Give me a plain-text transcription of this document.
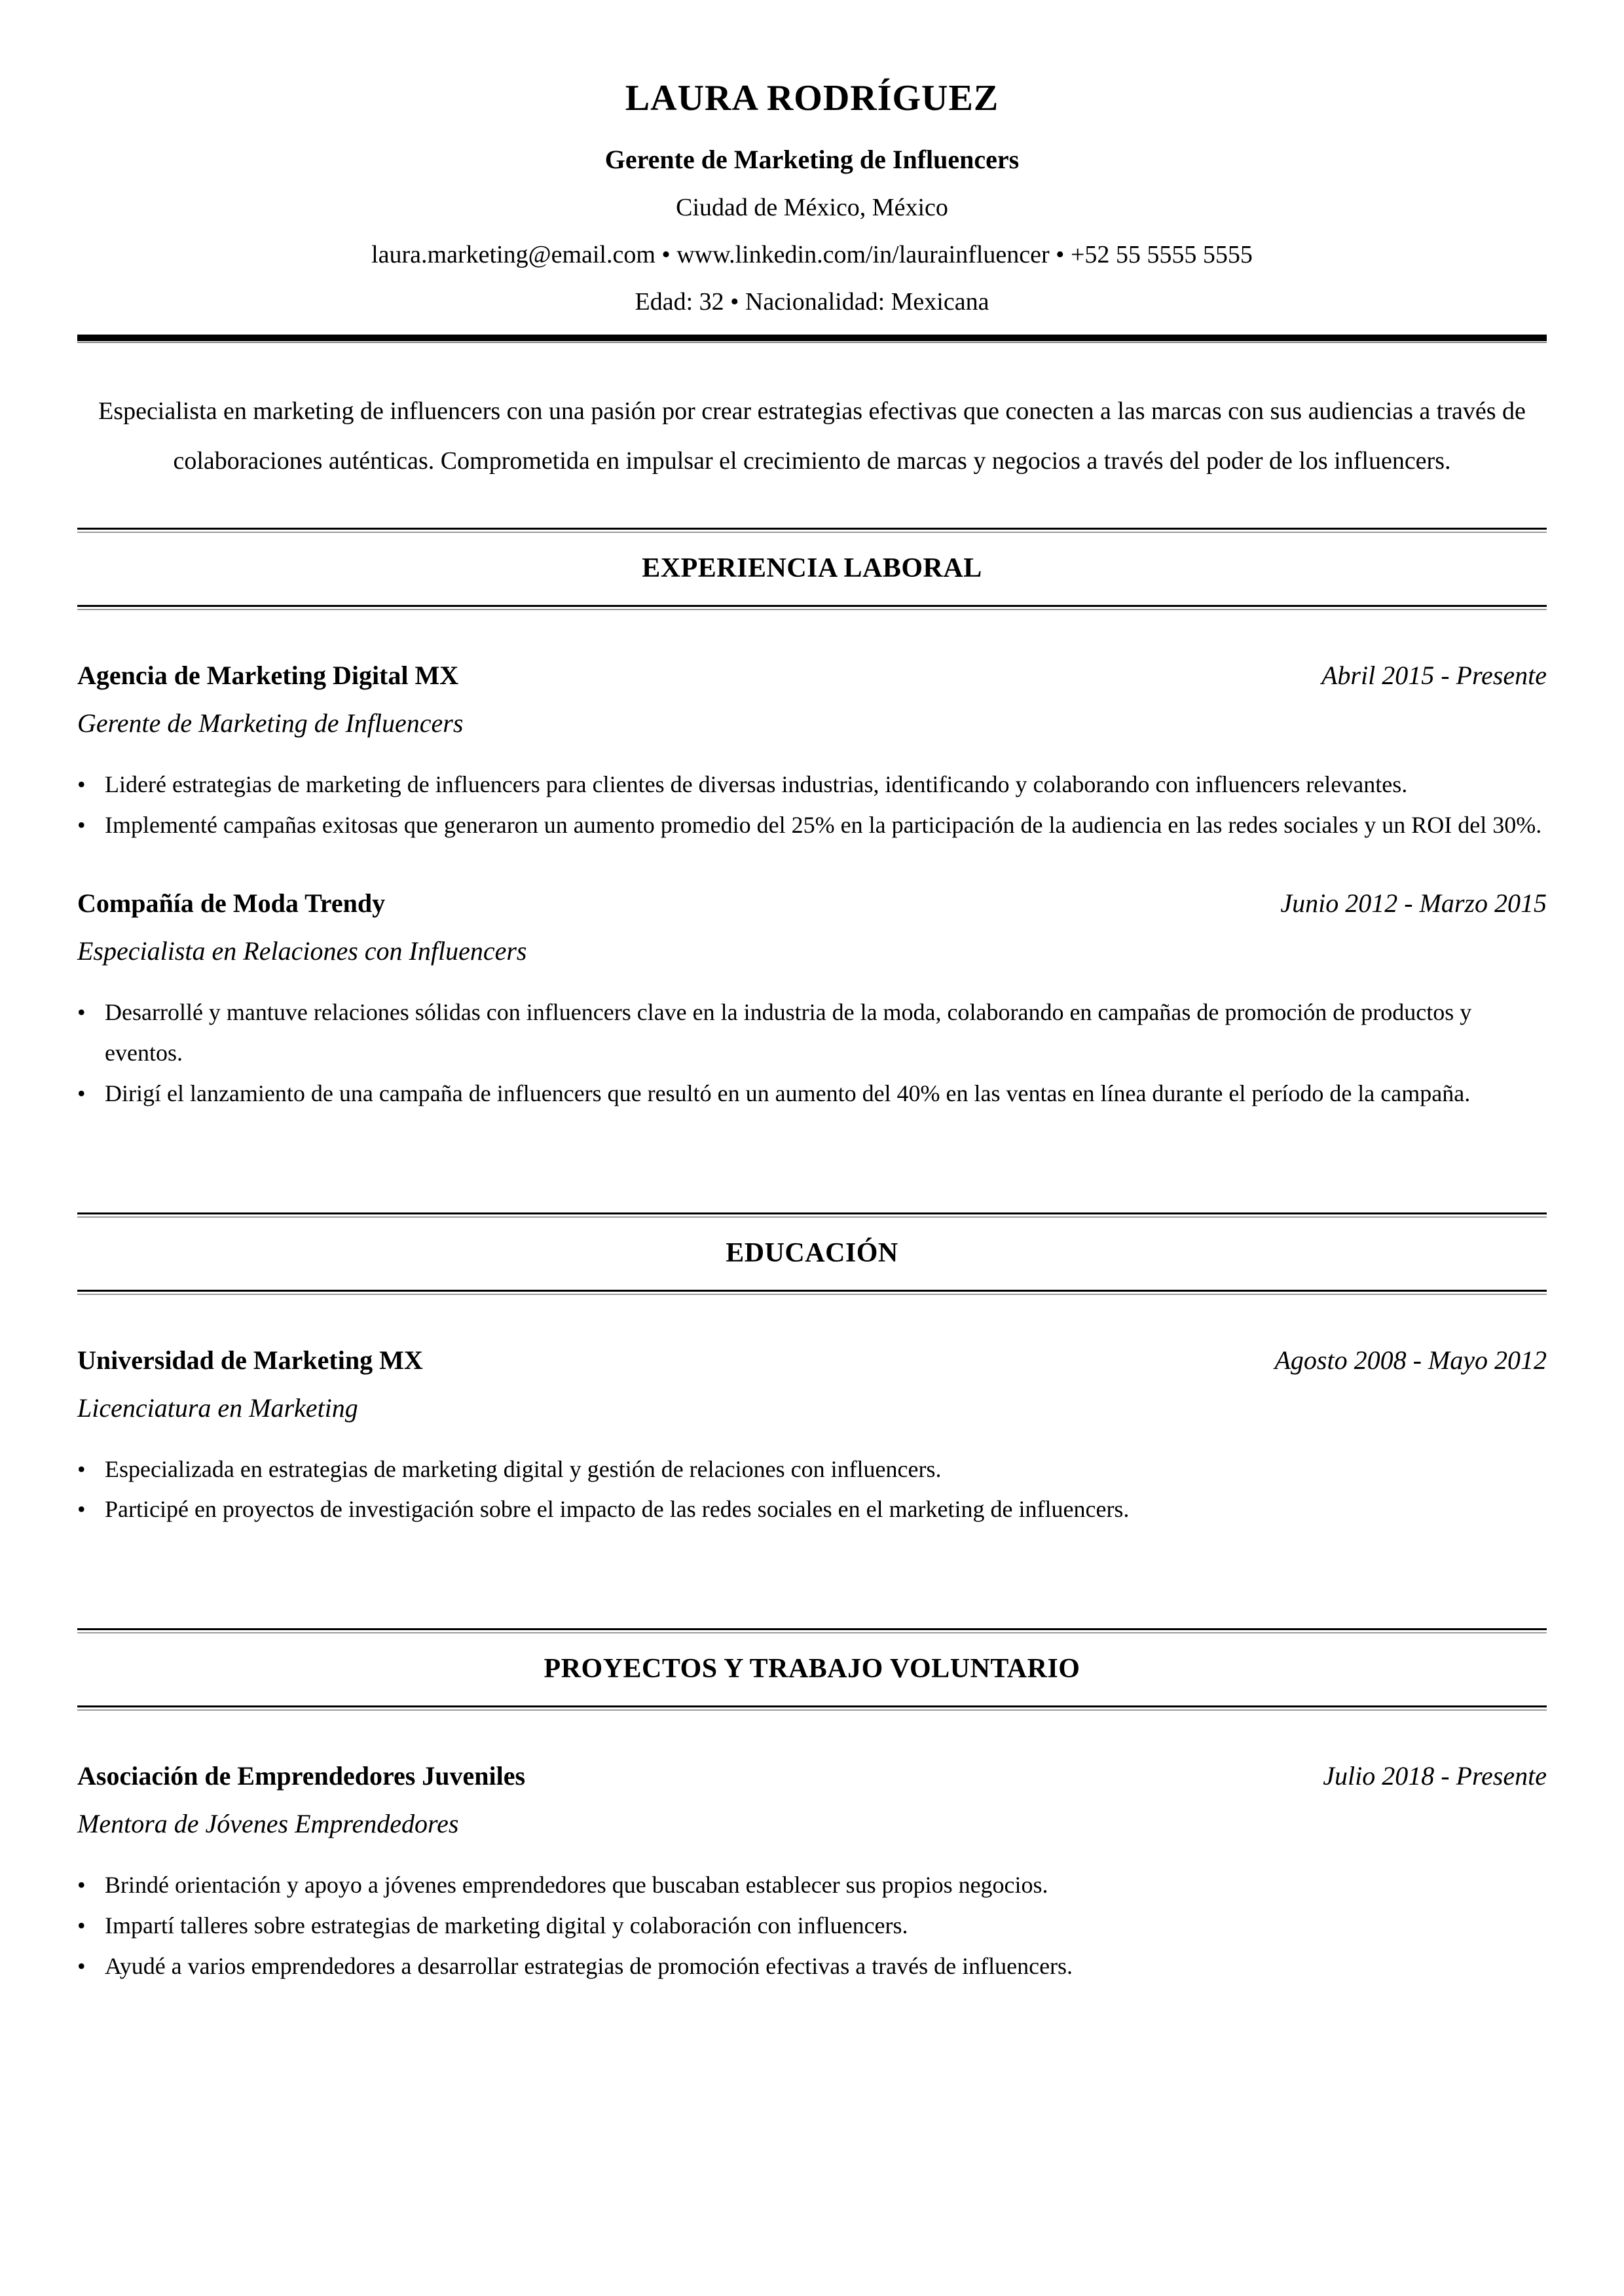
LAURA RODRÍGUEZ
Gerente de Marketing de Influencers
Ciudad de México, México
laura.marketing@email.com • www.linkedin.com/in/laurainfluencer • +52 55 5555 5555
Edad: 32 • Nacionalidad: Mexicana

Especialista en marketing de influencers con una pasión por crear estrategias efectivas que conecten a las marcas con sus audiencias a través de colaboraciones auténticas. Comprometida en impulsar el crecimiento de marcas y negocios a través del poder de los influencers.

EXPERIENCIA LABORAL
Agencia de Marketing Digital MX	Abril 2015 - Presente
Gerente de Marketing de Influencers
• Lideré estrategias de marketing de influencers para clientes de diversas industrias, identificando y colaborando con influencers relevantes.
• Implementé campañas exitosas que generaron un aumento promedio del 25% en la participación de la audiencia en las redes sociales y un ROI del 30%.
Compañía de Moda Trendy	Junio 2012 - Marzo 2015
Especialista en Relaciones con Influencers
• Desarrollé y mantuve relaciones sólidas con influencers clave en la industria de la moda, colaborando en campañas de promoción de productos y eventos.
• Dirigí el lanzamiento de una campaña de influencers que resultó en un aumento del 40% en las ventas en línea durante el período de la campaña.
EDUCACIÓN
Universidad de Marketing MX	Agosto 2008 - Mayo 2012
Licenciatura en Marketing
• Especializada en estrategias de marketing digital y gestión de relaciones con influencers.
• Participé en proyectos de investigación sobre el impacto de las redes sociales en el marketing de influencers.
PROYECTOS Y TRABAJO VOLUNTARIO
Asociación de Emprendedores Juveniles	Julio 2018 - Presente
Mentora de Jóvenes Emprendedores
• Brindé orientación y apoyo a jóvenes emprendedores que buscaban establecer sus propios negocios.
• Impartí talleres sobre estrategias de marketing digital y colaboración con influencers.
• Ayudé a varios emprendedores a desarrollar estrategias de promoción efectivas a través de influencers.
